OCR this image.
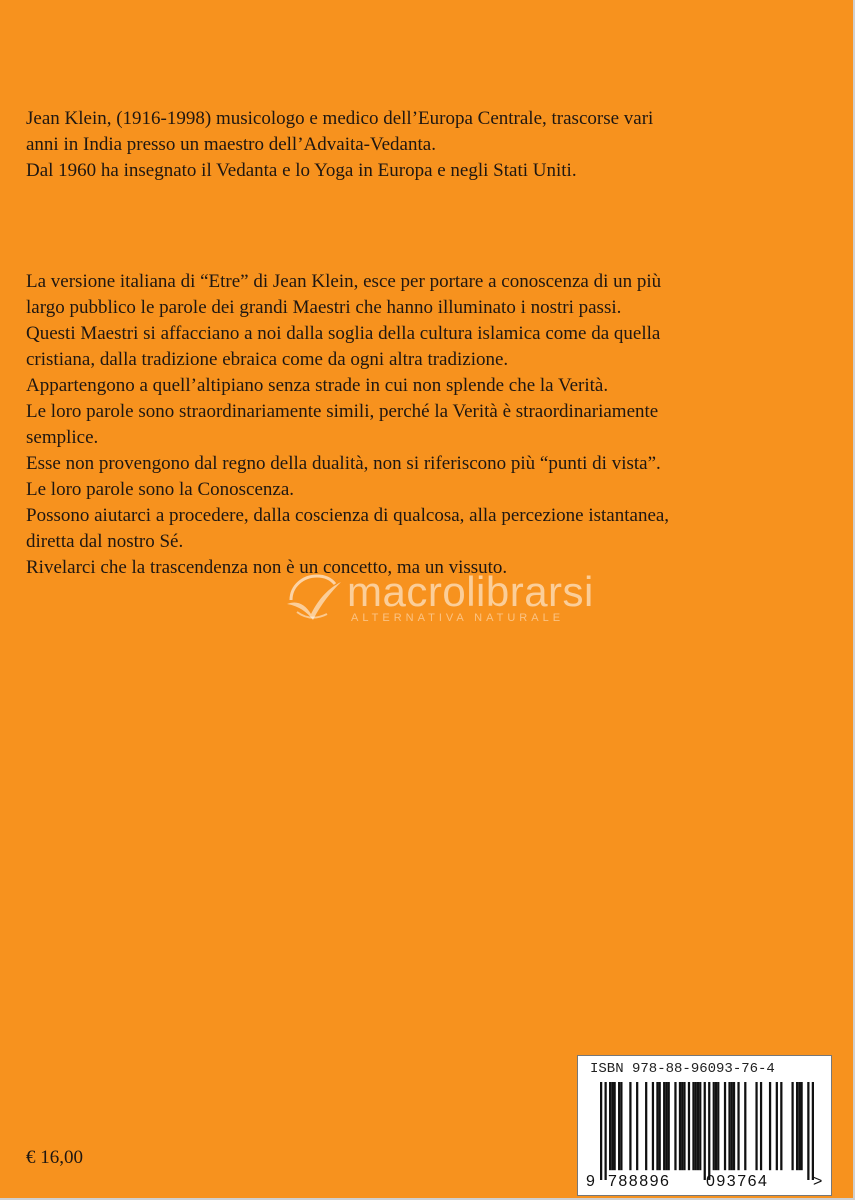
Jean Klein, (1916-1998) musicologo e medico dell’Europa Centrale, trascorse vari
anni in India presso un maestro dell’Advaita-Vedanta.
Dal 1960 ha insegnato il Vedanta e lo Yoga in Europa e negli Stati Uniti.
La versione italiana di “Etre” di Jean Klein, esce per portare a conoscenza di un più
largo pubblico le parole dei grandi Maestri che hanno illuminato i nostri passi.
Questi Maestri si affacciano a noi dalla soglia della cultura islamica come da quella
cristiana, dalla tradizione ebraica come da ogni altra tradizione.
Appartengono a quell’altipiano senza strade in cui non splende che la Verità.
Le loro parole sono straordinariamente simili, perché la Verità è straordinariamente
semplice.
Esse non provengono dal regno della dualità, non si riferiscono più “punti di vista”.
Le loro parole sono la Conoscenza.
Possono aiutarci a procedere, dalla coscienza di qualcosa, alla percezione istantanea,
diretta dal nostro Sé.
Rivelarci che la trascendenza non è un concetto, ma un vissuto.
macrolibrarsi
ALTERNATIVA NATURALE
€ 16,00
ISBN 978-88-96093-76-4
9 788896 093764	>
